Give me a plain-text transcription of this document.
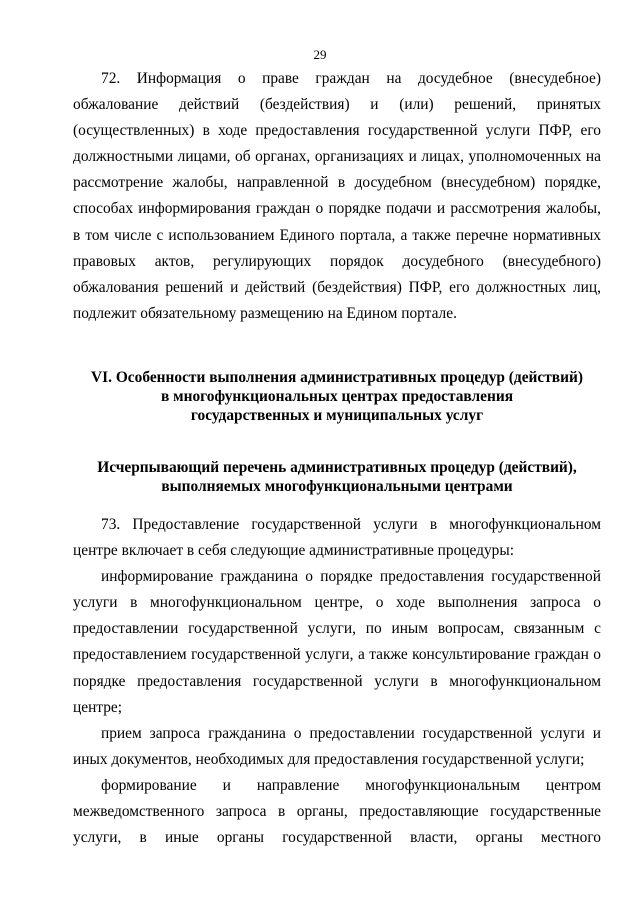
29

72. Информация о праве граждан на досудебное (внесудебное) обжалование действий (бездействия) и (или) решений, принятых (осуществленных) в ходе предоставления государственной услуги ПФР, его должностными лицами, об органах, организациях и лицах, уполномоченных на рассмотрение жалобы, направленной в досудебном (внесудебном) порядке, способах информирования граждан о порядке подачи и рассмотрения жалобы, в том числе с использованием Единого портала, а также перечне нормативных правовых актов, регулирующих порядок досудебного (внесудебного) обжалования решений и действий (бездействия) ПФР, его должностных лиц, подлежит обязательному размещению на Едином портале.

VI. Особенности выполнения административных процедур (действий)
в многофункциональных центрах предоставления
государственных и муниципальных услуг
Исчерпывающий перечень административных процедур (действий),
выполняемых многофункциональными центрами

73. Предоставление государственной услуги в многофункциональном центре включает в себя следующие административные процедуры:

информирование гражданина о порядке предоставления государственной услуги в многофункциональном центре, о ходе выполнения запроса о предоставлении государственной услуги, по иным вопросам, связанным с предоставлением государственной услуги, а также консультирование граждан о порядке предоставления государственной услуги в многофункциональном центре;

прием запроса гражданина о предоставлении государственной услуги и иных документов, необходимых для предоставления государственной услуги;

формирование и направление многофункциональным центром межведомственного запроса в органы, предоставляющие государственные услуги, в иные органы государственной власти, органы местного
